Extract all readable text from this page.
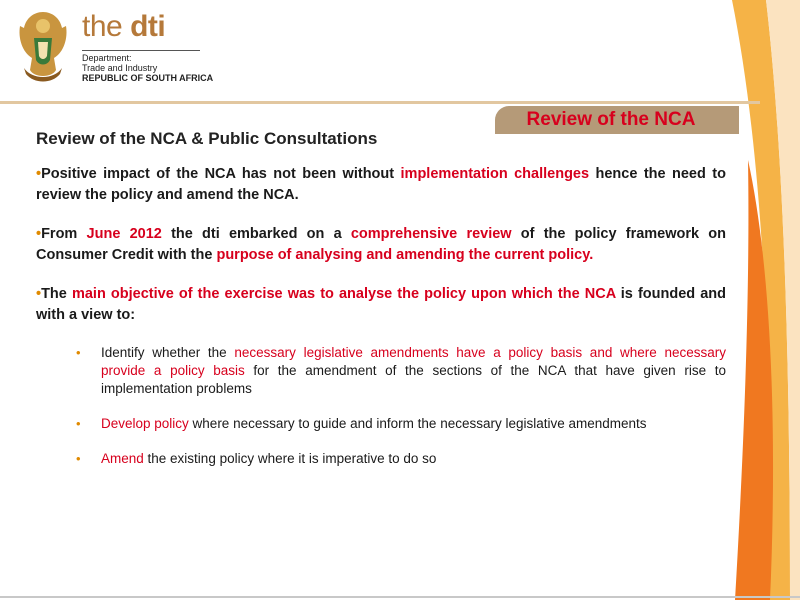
the dti
Department:
Trade and Industry
REPUBLIC OF SOUTH AFRICA
Review of the NCA
Review of the NCA & Public Consultations

•Positive impact of the NCA has not been without implementation challenges hence the need to review the policy and amend the NCA.

•From June 2012 the dti embarked on a comprehensive review of the policy framework on Consumer Credit with the purpose of analysing and amending the current policy.

•The main objective of the exercise was to analyse the policy upon which the NCA is founded and with a view to:

• Identify whether the necessary legislative amendments have a policy basis and where necessary provide a policy basis for the amendment of the sections of the NCA that have given rise to implementation problems
• Develop policy where necessary to guide and inform the necessary legislative amendments
• Amend the existing policy where it is imperative to do so
